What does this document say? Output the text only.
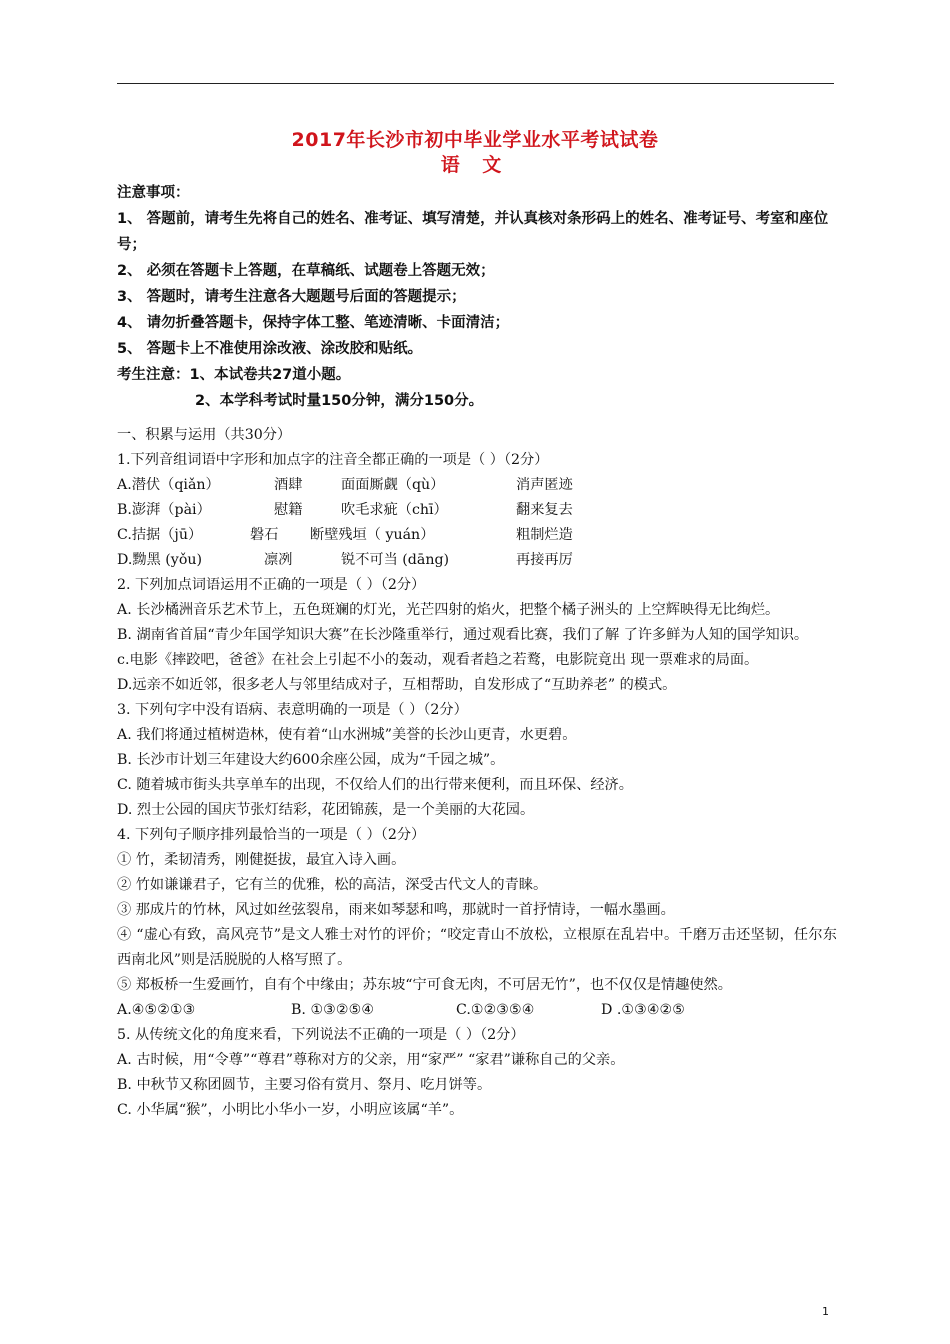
2017年长沙市初中毕业学业水平考试试卷
语 文
注意事项：
1、 答题前，请考生先将自己的姓名、准考证、填写清楚，并认真核对条形码上的姓名、准考证号、考室和座位号；
2、 必须在答题卡上答题，在草稿纸、试题卷上答题无效；
3、 答题时，请考生注意各大题题号后面的答题提示；
4、 请勿折叠答题卡，保持字体工整、笔迹清晰、卡面清洁；
5、 答题卡上不准使用涂改液、涂改胶和贴纸。
考生注意：1、本试卷共27道小题。
2、本学科考试时量150分钟，满分150分。
一、积累与运用（共30分）
1.下列音组词语中字形和加点字的注音全都正确的一项是（ ）（2分）
A.潜伏（qiǎn）	酒肆	面面厮觑（qù）	消声匿迹
B.澎湃（pài）	慰籍	吹毛求疵（chī）	翻来复去
C.拮据（jū）	磐石	断壁残垣（ yuán）	粗制烂造
D.黝黑 (yǒu)	凛冽	锐不可当 (dāng)	再接再厉
2. 下列加点词语运用不正确的一项是（ ）（2分）
A. 长沙橘洲音乐艺术节上，五色斑斓的灯光，光芒四射的焰火，把整个橘子洲头的 上空辉映得无比绚烂。
B. 湖南省首届“青少年国学知识大赛”在长沙隆重举行，通过观看比赛，我们了解 了许多鲜为人知的国学知识。
c.电影《摔跤吧，爸爸》在社会上引起不小的轰动，观看者趋之若鹜，电影院竟出 现一票难求的局面。
D.远亲不如近邻，很多老人与邻里结成对子，互相帮助，自发形成了“互助养老” 的模式。
3. 下列句字中没有语病、表意明确的一项是（ ）（2分）
A. 我们将通过植树造林，使有着“山水洲城”美誉的长沙山更青，水更碧。
B. 长沙市计划三年建设大约600余座公园，成为“千园之城”。
C. 随着城市街头共享单车的出现，不仅给人们的出行带来便利，而且环保、经济。
D. 烈士公园的国庆节张灯结彩，花团锦蔟，是一个美丽的大花园。
4. 下列句子顺序排列最恰当的一项是（ ）（2分）
① 竹，柔韧清秀，刚健挺拔，最宜入诗入画。
② 竹如谦谦君子，它有兰的优雅，松的高洁，深受古代文人的青睐。
③ 那成片的竹林，风过如丝弦裂帛，雨来如琴瑟和鸣，那就时一首抒情诗，一幅水墨画。
④ “虚心有致，高风亮节”是文人雅士对竹的评价；“咬定青山不放松，立根原在乱岩中。千磨万击还坚韧，任尔东西南北风”则是活脱脱的人格写照了。
⑤ 郑板桥一生爱画竹，自有个中缘由；苏东坡“宁可食无肉，不可居无竹”，也不仅仅是情趣使然。
A.④⑤②①③	B. ①③②⑤④	C.①②③⑤④	D .①③④②⑤
5. 从传统文化的角度来看，下列说法不正确的一项是（ ）（2分）
A. 古时候，用“令尊”“尊君”尊称对方的父亲，用“家严” “家君”谦称自己的父亲。
B. 中秋节又称团圆节，主要习俗有赏月、祭月、吃月饼等。
C. 小华属“猴”，小明比小华小一岁，小明应该属“羊”。
1
